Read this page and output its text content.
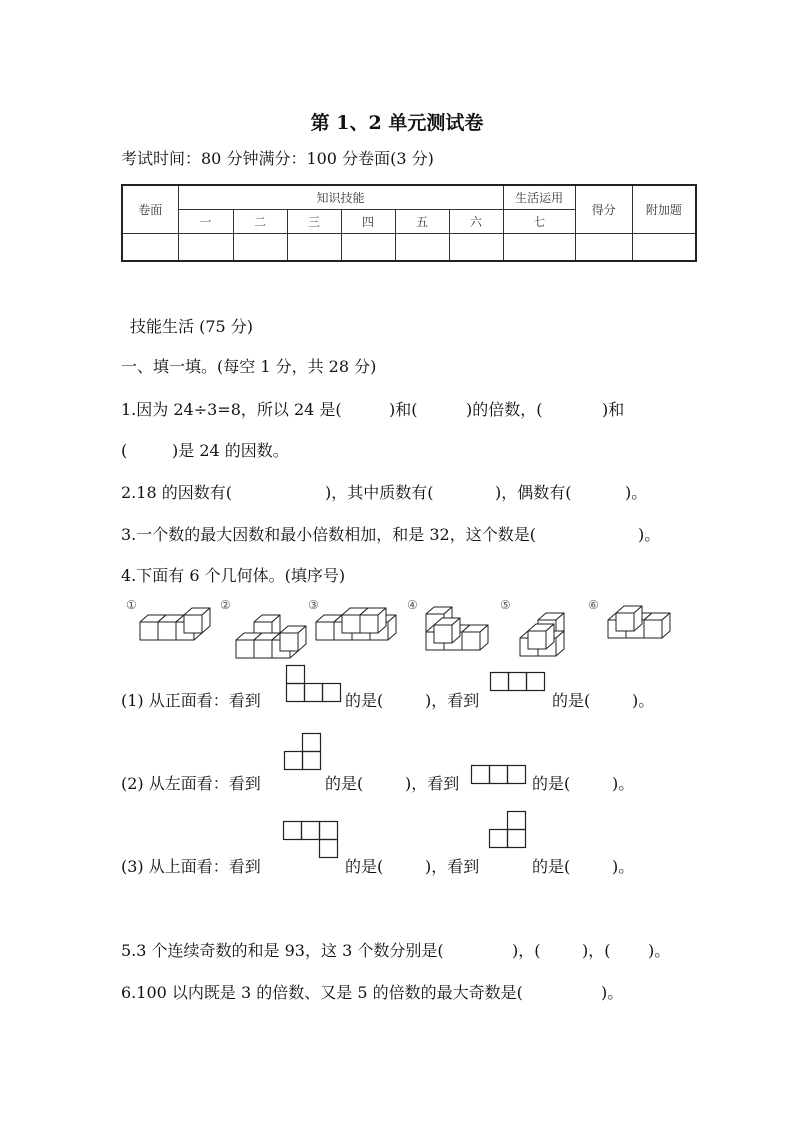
第 1、2 单元测试卷
考试时间：80 分钟满分：100 分卷面(3 分)
卷面	知识技能						生活运用	得分	附加题
	一	二	三	四	五	六	七		

技能生活 (75 分)
一、填一填。(每空 1 分，共 28 分)
1.因为 24÷3=8，所以 24 是(	)和(	)的倍数，(	)和
(	)是 24 的因数。
2.18 的因数有(	)，其中质数有(	)，偶数有(	)。
3.一个数的最大因数和最小倍数相加，和是 32，这个数是(	)。
4.下面有 6 个几何体。(填序号)
①	②	③	④	⑤	⑥
(1) 从正面看：看到	的是(	)，看到	的是(	)。
(2) 从左面看：看到	的是(	)，看到	的是(	)。
(3) 从上面看：看到	的是(	)，看到	的是(	)。
5.3 个连续奇数的和是 93，这 3 个数分别是(	)，(	)，( )。
6.100 以内既是 3 的倍数、又是 5 的倍数的最大奇数是(	)。
